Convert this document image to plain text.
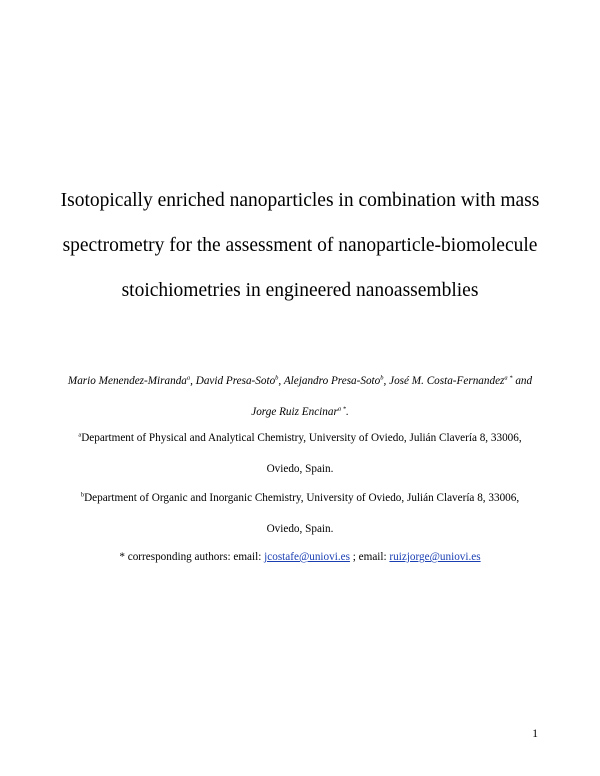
Isotopically enriched nanoparticles in combination with mass
spectrometry for the assessment of nanoparticle-biomolecule
stoichiometries in engineered nanoassemblies
Mario Menendez-Miranda$^a$, David Presa-Soto$^b$, Alejandro Presa-Soto$^b$, José M. Costa-Fernandez$^{a *}$ and
Jorge Ruiz Encinar$^{a *}$.
$^a$Department of Physical and Analytical Chemistry, University of Oviedo, Julián Clavería 8, 33006,
Oviedo, Spain.
$^b$Department of Organic and Inorganic Chemistry, University of Oviedo, Julián Clavería 8, 33006,
Oviedo, Spain.
* corresponding authors: email: jcostafe@uniovi.es ; email: ruizjorge@uniovi.es
1
